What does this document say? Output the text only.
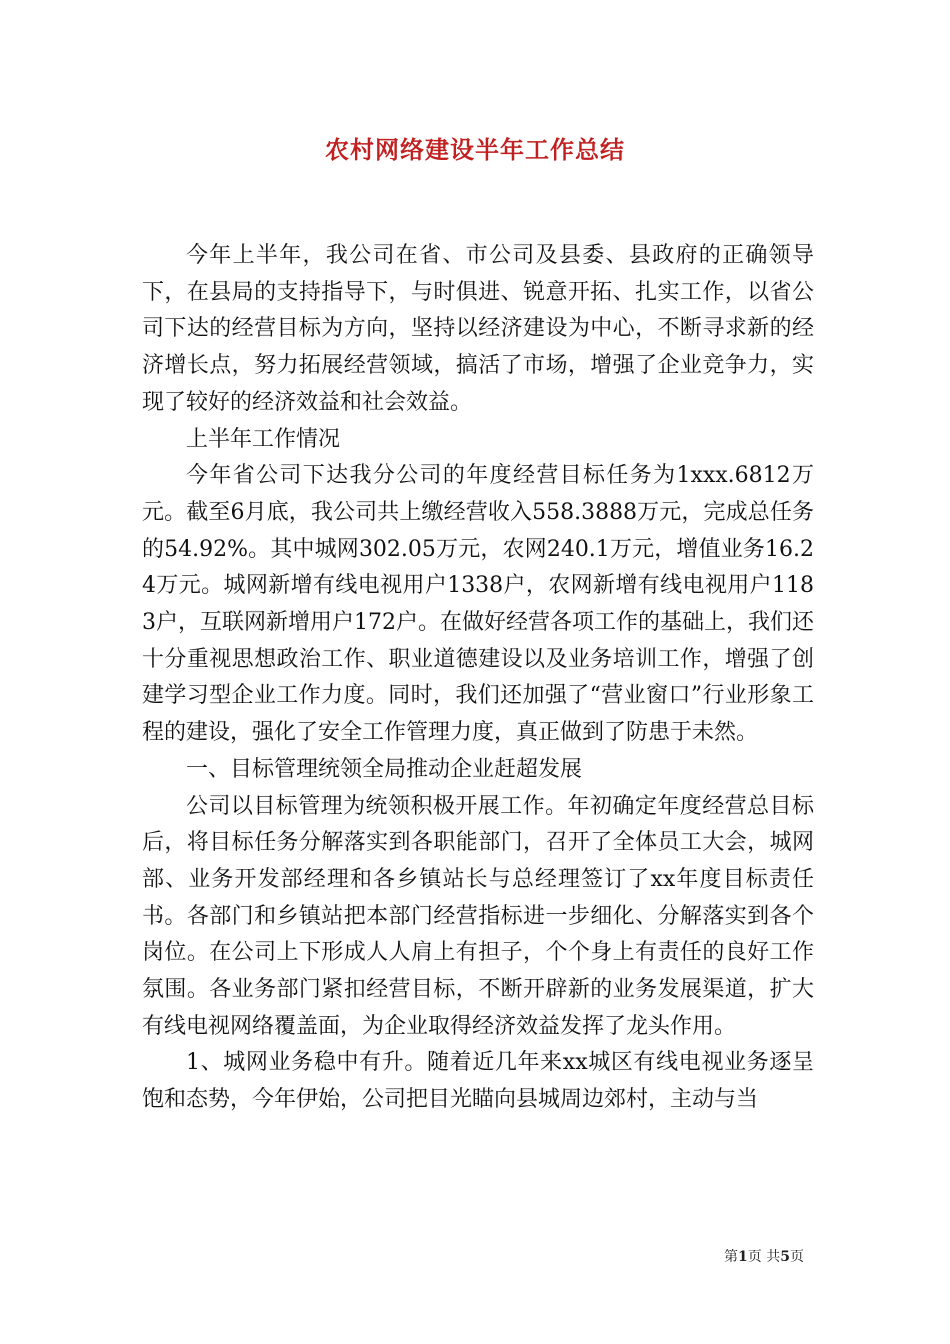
农村网络建设半年工作总结

今年上半年，我公司在省、市公司及县委、县政府的正确领导下，在县局的支持指导下，与时俱进、锐意开拓、扎实工作，以省公司下达的经营目标为方向，坚持以经济建设为中心，不断寻求新的经济增长点，努力拓展经营领域，搞活了市场，增强了企业竞争力，实现了较好的经济效益和社会效益。

上半年工作情况

今年省公司下达我分公司的年度经营目标任务为1xxx.6812万元。截至6月底，我公司共上缴经营收入558.3888万元，完成总任务的54.92%。其中城网302.05万元，农网240.1万元，增值业务16.24万元。城网新增有线电视用户1338户，农网新增有线电视用户1183户，互联网新增用户172户。在做好经营各项工作的基础上，我们还十分重视思想政治工作、职业道德建设以及业务培训工作，增强了创建学习型企业工作力度。同时，我们还加强了“营业窗口”行业形象工程的建设，强化了安全工作管理力度，真正做到了防患于未然。

一、目标管理统领全局推动企业赶超发展

公司以目标管理为统领积极开展工作。年初确定年度经营总目标后，将目标任务分解落实到各职能部门，召开了全体员工大会，城网部、业务开发部经理和各乡镇站长与总经理签订了xx年度目标责任书。各部门和乡镇站把本部门经营指标进一步细化、分解落实到各个岗位。在公司上下形成人人肩上有担子，个个身上有责任的良好工作氛围。各业务部门紧扣经营目标，不断开辟新的业务发展渠道，扩大有线电视网络覆盖面，为企业取得经济效益发挥了龙头作用。

1、城网业务稳中有升。随着近几年来xx城区有线电视业务逐呈饱和态势，今年伊始，公司把目光瞄向县城周边郊村，主动与当

第1页 共5页
